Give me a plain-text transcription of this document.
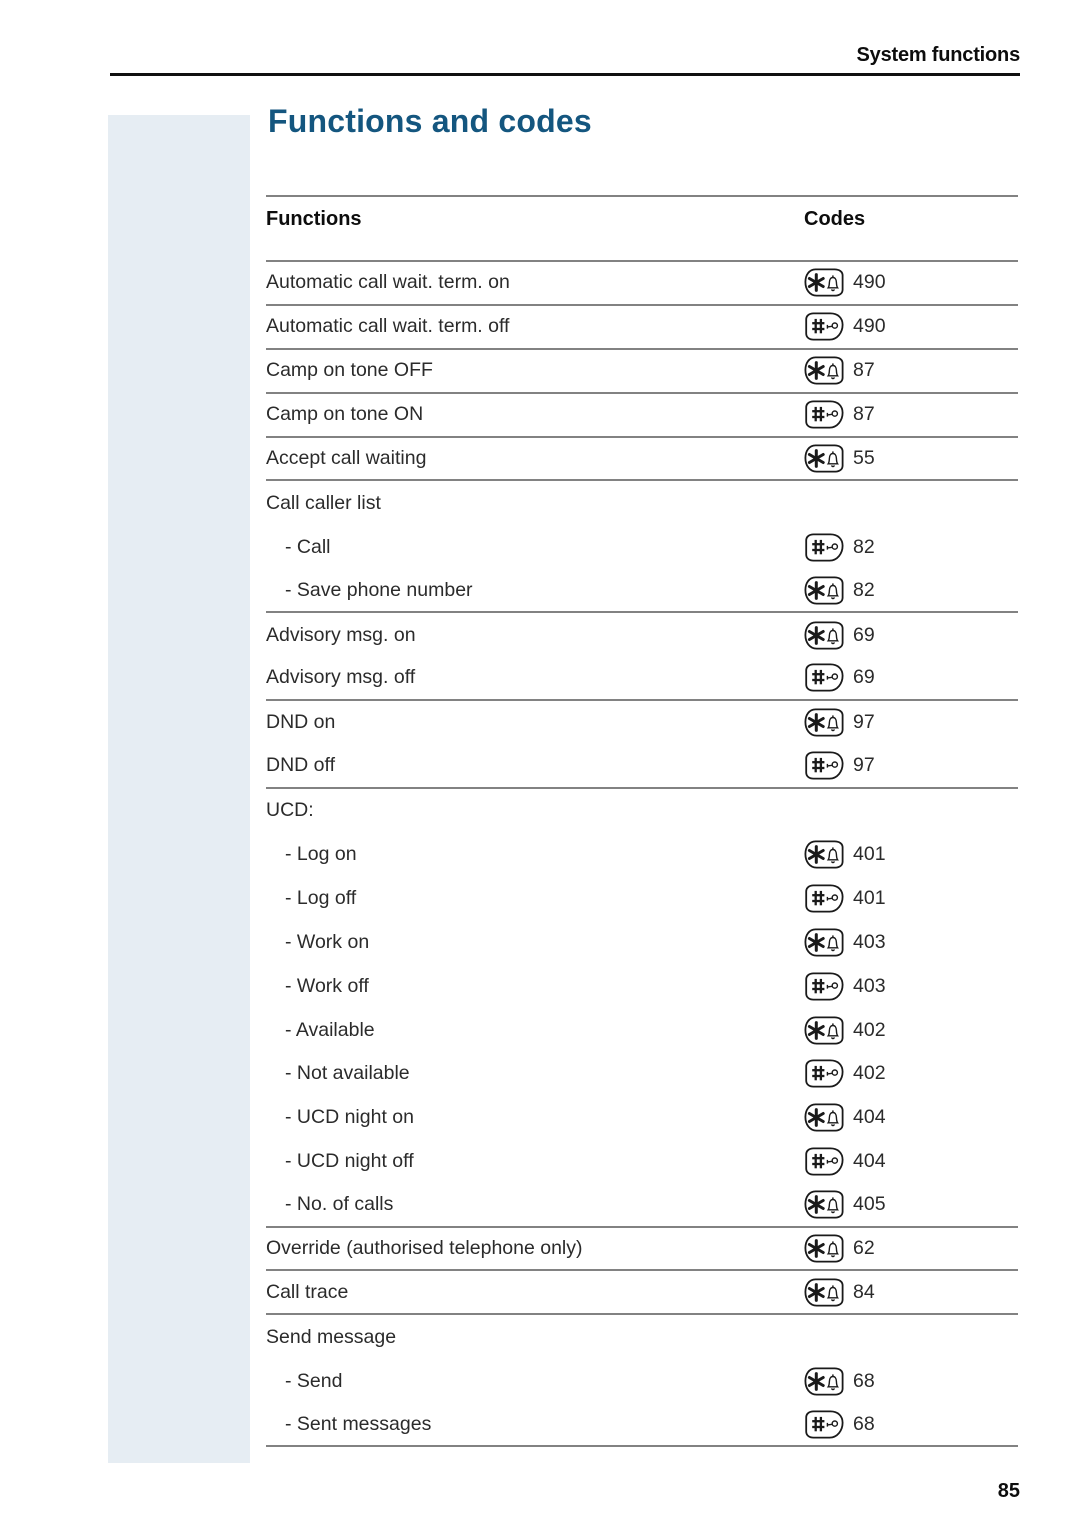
System functions
Functions and codes
Functions	Codes
Automatic call wait. term. on	490
Automatic call wait. term. off	490
Camp on tone OFF	87
Camp on tone ON	87
Accept call waiting	55
Call caller list
- Call	82
- Save phone number	82
Advisory msg. on	69
Advisory msg. off	69
DND on	97
DND off	97
UCD:
- Log on	401
- Log off	401
- Work on	403
- Work off	403
- Available	402
- Not available	402
- UCD night on	404
- UCD night off	404
- No. of calls	405
Override (authorised telephone only)	62
Call trace	84
Send message
- Send	68
- Sent messages	68
85
